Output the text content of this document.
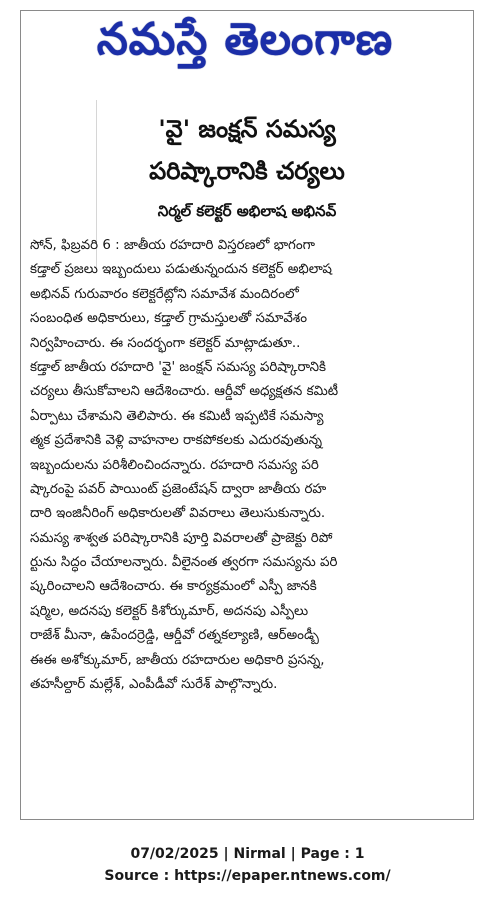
నమస్తే తెలంగాణ
'వై' జంక్షన్ సమస్య
పరిష్కారానికి చర్యలు
నిర్మల్ కలెక్టర్ అభిలాష అభినవ్
సోన్, ఫిబ్రవరి 6 : జాతీయ రహదారి విస్తరణలో భాగంగా
కడ్తాల్ ప్రజలు ఇబ్బందులు పడుతున్నందున కలెక్టర్ అభిలాష
అభినవ్ గురువారం కలెక్టరేట్లోని సమావేశ మందిరంలో
సంబంధిత అధికారులు, కడ్తాల్ గ్రామస్తులతో సమావేశం
నిర్వహించారు. ఈ సందర్భంగా కలెక్టర్ మాట్లాడుతూ..
కడ్తాల్ జాతీయ రహదారి 'వై' జంక్షన్ సమస్య పరిష్కారానికి
చర్యలు తీసుకోవాలని ఆదేశించారు. ఆర్డీవో అధ్యక్షతన కమిటీ
ఏర్పాటు చేశామని తెలిపారు. ఈ కమిటీ ఇప్పటికే సమస్యా
త్మక ప్రదేశానికి వెళ్లి వాహనాల రాకపోకలకు ఎదురవుతున్న
ఇబ్బందులను పరిశీలించిందన్నారు. రహదారి సమస్య పరి
ష్కారంపై పవర్ పాయింట్ ప్రజెంటేషన్ ద్వారా జాతీయ రహ
దారి ఇంజినీరింగ్ అధికారులతో వివరాలు తెలుసుకున్నారు.
సమస్య శాశ్వత పరిష్కారానికి పూర్తి వివరాలతో ప్రాజెక్టు రిపో
ర్టును సిద్ధం చేయాలన్నారు. వీలైనంత త్వరగా సమస్యను పరి
ష్కరించాలని ఆదేశించారు. ఈ కార్యక్రమంలో ఎస్పీ జానకి
షర్మిల, అదనపు కలెక్టర్ కిశోర్కుమార్, అదనపు ఎస్పీలు
రాజేశ్ మీనా, ఉపేందర్రెడ్డి, ఆర్డీవో రత్నకల్యాణి, ఆర్అండ్బీ
ఈఈ అశోక్కుమార్, జాతీయ రహదారుల అధికారి ప్రసన్న,
తహసీల్దార్ మల్లేశ్, ఎంపీడీవో సురేశ్ పాల్గొన్నారు.
07/02/2025 | Nirmal | Page : 1
Source : https://epaper.ntnews.com/
